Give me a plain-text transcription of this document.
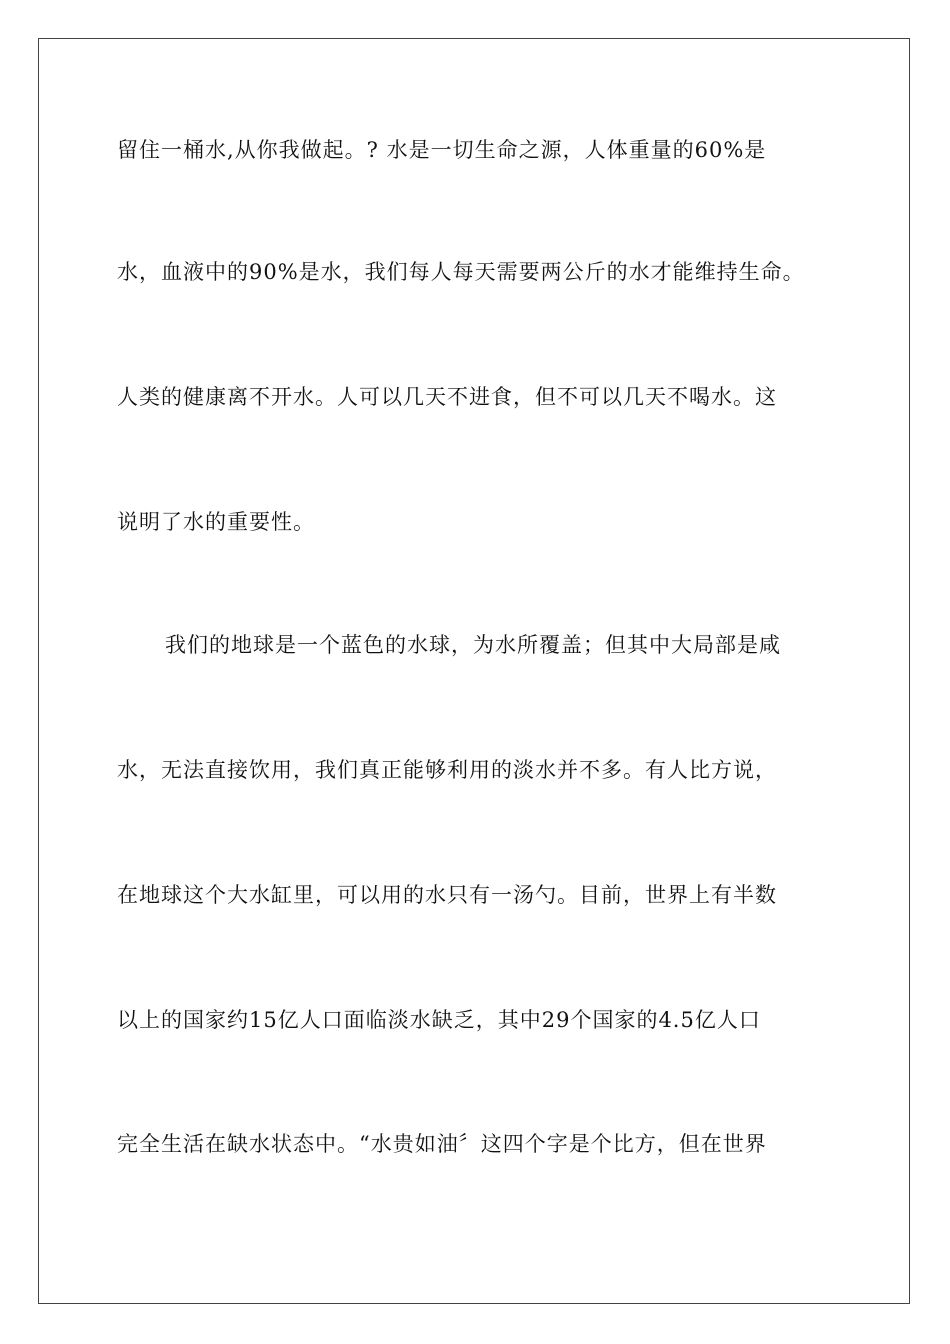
留住一桶水,从你我做起。? 水是一切生命之源，人体重量的60%是
水，血液中的90%是水，我们每人每天需要两公斤的水才能维持生命。
人类的健康离不开水。人可以几天不进食，但不可以几天不喝水。这
说明了水的重要性。
我们的地球是一个蓝色的水球，为水所覆盖；但其中大局部是咸
水，无法直接饮用，我们真正能够利用的淡水并不多。有人比方说，
在地球这个大水缸里，可以用的水只有一汤勺。目前，世界上有半数
以上的国家约15亿人口面临淡水缺乏，其中29个国家的4.5亿人口
完全生活在缺水状态中。“水贵如油〞这四个字是个比方，但在世界
